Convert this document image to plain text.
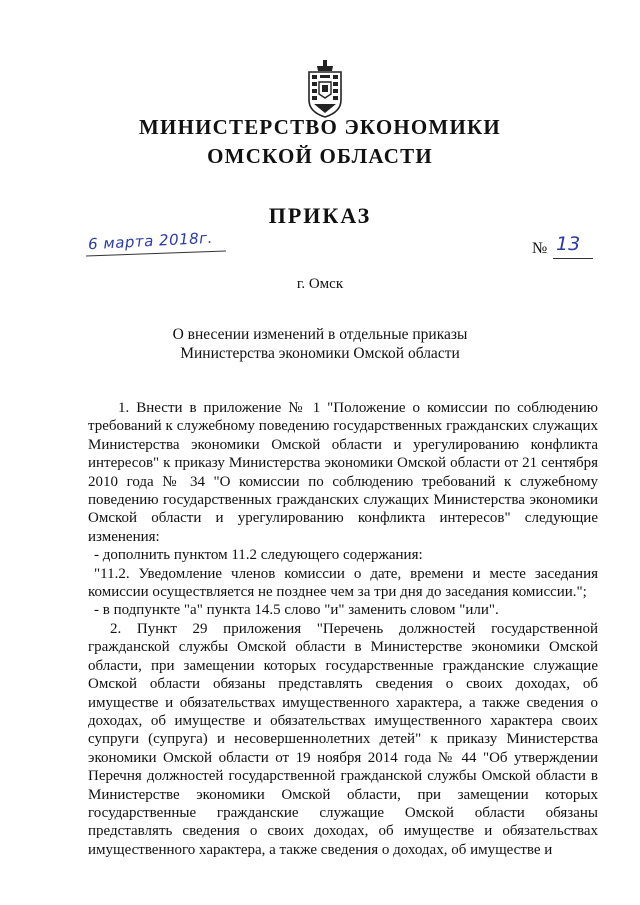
МИНИСТЕРСТВО ЭКОНОМИКИ
ОМСКОЙ ОБЛАСТИ
ПРИКАЗ
6 марта 2018г.	№ 13
г. Омск
О внесении изменений в отдельные приказы
Министерства экономики Омской области

1. Внести в приложение № 1 "Положение о комиссии по соблюдению требований к служебному поведению государственных гражданских служащих Министерства экономики Омской области и урегулированию конфликта интересов" к приказу Министерства экономики Омской области от 21 сентября 2010 года № 34 "О комиссии по соблюдению требований к служебному поведению государственных гражданских служащих Министерства экономики Омской области и урегулированию конфликта интересов" следующие изменения:

- дополнить пунктом 11.2 следующего содержания:

"11.2. Уведомление членов комиссии о дате, времени и месте заседания комиссии осуществляется не позднее чем за три дня до заседания комиссии.";

- в подпункте "а" пункта 14.5 слово "и" заменить словом "или".

2. Пункт 29 приложения "Перечень должностей государственной гражданской службы Омской области в Министерстве экономики Омской области, при замещении которых государственные гражданские служащие Омской области обязаны представлять сведения о своих доходах, об имуществе и обязательствах имущественного характера, а также сведения о доходах, об имуществе и обязательствах имущественного характера своих супруги (супруга) и несовершеннолетних детей" к приказу Министерства экономики Омской области от 19 ноября 2014 года № 44 "Об утверждении Перечня должностей государственной гражданской службы Омской области в Министерстве экономики Омской области, при замещении которых государственные гражданские служащие Омской области обязаны представлять сведения о своих доходах, об имуществе и обязательствах имущественного характера, а также сведения о доходах, об имуществе и
